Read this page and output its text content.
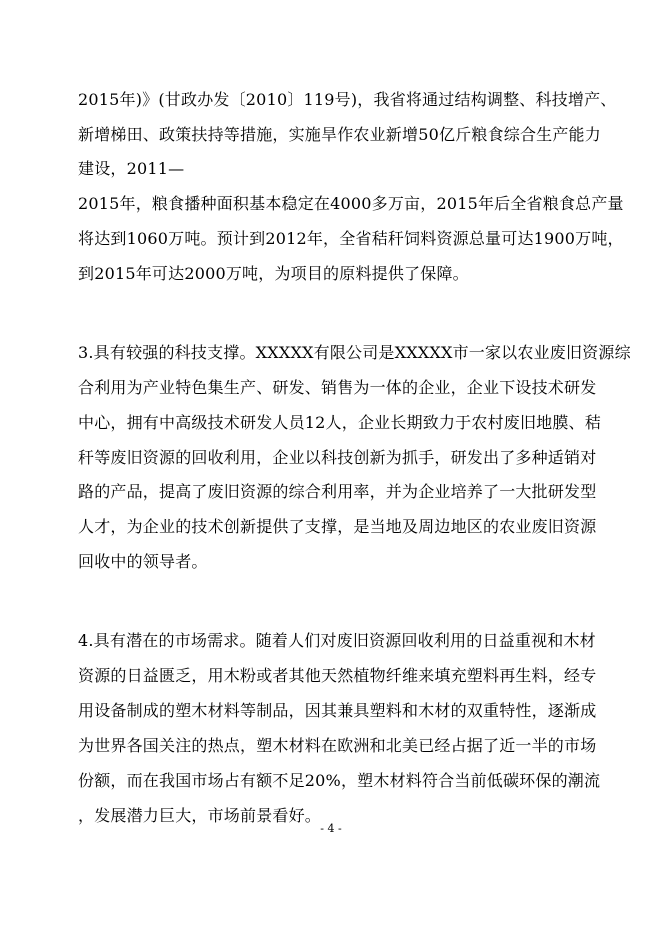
2015年)》(甘政办发〔2010〕119号)，我省将通过结构调整、科技增产、
新增梯田、政策扶持等措施，实施旱作农业新增50亿斤粮食综合生产能力
建设，2011—
2015年，粮食播种面积基本稳定在4000多万亩，2015年后全省粮食总产量
将达到1060万吨。预计到2012年，全省秸秆饲料资源总量可达1900万吨，
到2015年可达2000万吨，为项目的原料提供了保障。
3.具有较强的科技支撑。XXXXX有限公司是XXXXX市一家以农业废旧资源综
合利用为产业特色集生产、研发、销售为一体的企业，企业下设技术研发
中心，拥有中高级技术研发人员12人，企业长期致力于农村废旧地膜、秸
秆等废旧资源的回收利用，企业以科技创新为抓手，研发出了多种适销对
路的产品，提高了废旧资源的综合利用率，并为企业培养了一大批研发型
人才，为企业的技术创新提供了支撑，是当地及周边地区的农业废旧资源
回收中的领导者。
4.具有潜在的市场需求。随着人们对废旧资源回收利用的日益重视和木材
资源的日益匮乏，用木粉或者其他天然植物纤维来填充塑料再生料，经专
用设备制成的塑木材料等制品，因其兼具塑料和木材的双重特性，逐渐成
为世界各国关注的热点，塑木材料在欧洲和北美已经占据了近一半的市场
份额，而在我国市场占有额不足20%，塑木材料符合当前低碳环保的潮流
，发展潜力巨大，市场前景看好。
- 4 -
